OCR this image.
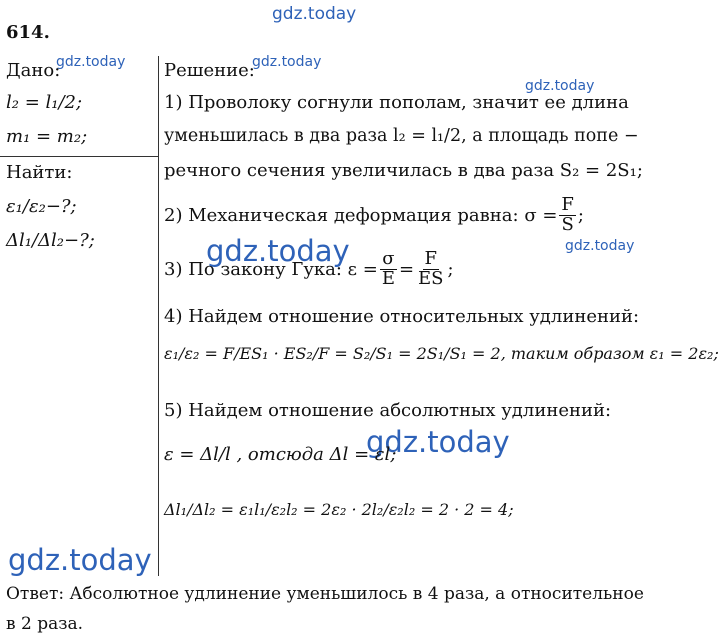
gdz.today
gdz.today	gdz.today
gdz.today
gdz.today
gdz.today
gdz.today
gdz.today
614.
Дано:
l₂ = l₁/2;
m₁ = m₂;
Найти:
ε₁/ε₂−?;
Δl₁/Δl₂−?;
Решение:
1) Проволоку согнули пополам, значит ее длина
уменьшилась в два раза l₂ = l₁/2, а площадь попе −
речного сечения увеличилась в два раза S₂ = 2S₁;
2) Механическая деформация равна: $\sigma = \frac{F}{S}$ ;
3) По закону Гука: $\varepsilon = \frac{\sigma}{E} = \frac{F}{ES}$ ;
4) Найдем отношение относительных удлинений:
ε₁/ε₂ = F/ES₁ · ES₂/F = S₂/S₁ = 2S₁/S₁ = 2, таким образом ε₁ = 2ε₂;
5) Найдем отношение абсолютных удлинений:
ε = Δl/l , отсюда Δl = εl;
Δl₁/Δl₂ = ε₁l₁/ε₂l₂ = 2ε₂ · 2l₂/ε₂l₂ = 2 · 2 = 4;
Ответ: Абсолютное удлинение уменьшилось в 4 раза, а относительное
в 2 раза.
